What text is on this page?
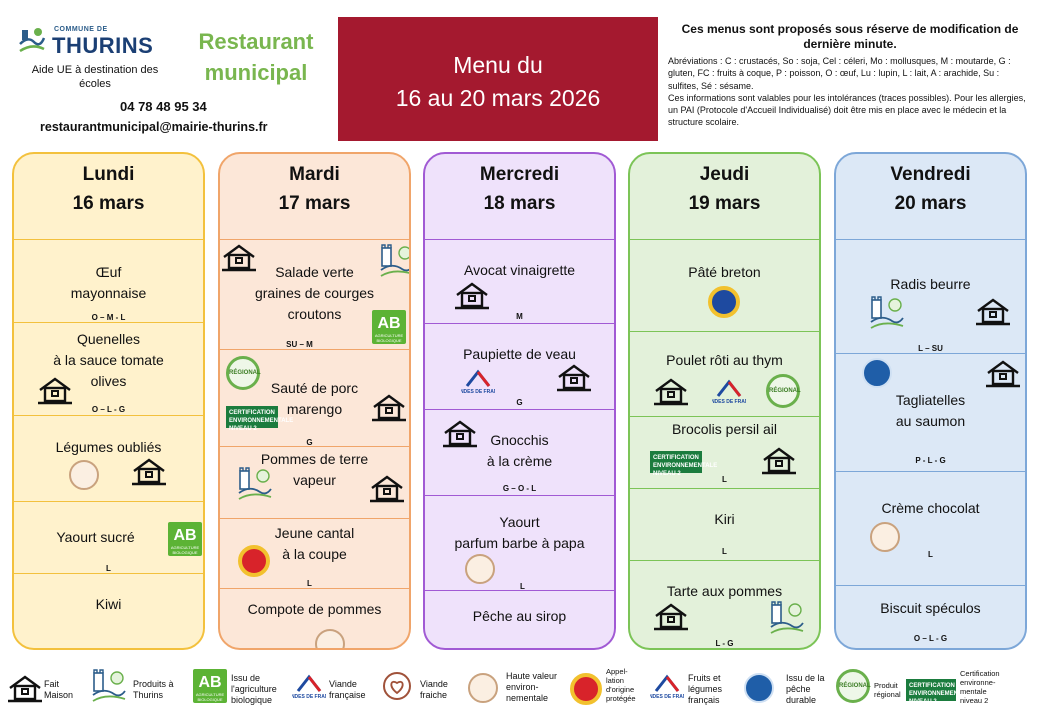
COMMUNE DE
THURINS
Aide UE à destination des écoles
04 78 48 95 34
restaurantmunicipal@mairie-thurins.fr
Restaurant municipal	Menu du
16 au 20 mars 2026
Ces menus sont proposés sous réserve de modification de dernière minute.
Abréviations : C : crustacés, So : soja, Cel : céleri, Mo : mollusques, M : moutarde, G : gluten, FC : fruits à coque, P : poisson, O : œuf, Lu : lupin, L : lait, A : arachide, Su : sulfites, Sé : sésame.
Ces informations sont valables pour les intolérances (traces possibles). Pour les allergies, un PAI (Protocole d'Accueil Individualisé) doit être mis en place avec le médecin et la structure scolaire.
Lundi
16 mars
Œuf
mayonnaise
O – M - L
Quenelles
à la sauce tomate
olives
O – L - G
Légumes oubliés
Yaourt sucré	AB
AGRICULTURE BIOLOGIQUE
L
Kiwi
Mardi
17 mars
Salade verte
graines de courges
croutons
AB
AGRICULTURE BIOLOGIQUE
SU – M
RÉGIONAL
Sauté de porc
marengo
CERTIFICATION ENVIRONNEMENTALE NIVEAU 2
G
Pommes de terre
vapeur
Jeune cantal
à la coupe
L
Compote de pommes
Mercredi
18 mars
Avocat vinaigrette
M
Paupiette de veau
G
Gnocchis
à la crème
G – O - L
Yaourt
parfum barbe à papa
L
Pêche au sirop
Jeudi
19 mars
Pâté breton
Poulet rôti au thym
RÉGIONAL
Brocolis persil ail
CERTIFICATION ENVIRONNEMENTALE NIVEAU 2
L
Kiri
L
Tarte aux pommes
L - G
Vendredi
20 mars
Radis beurre
L – SU
Tagliatelles
au saumon
P - L - G
Crème chocolat
L
Biscuit spéculos
O – L - G
Fait
Maison
Produits à
Thurins
AB
AGRICULTURE BIOLOGIQUE
Issu de
l'agriculture
biologique
Viande
française
Viande
fraiche
Haute valeur
environ-
nementale
Appel-
lation
d'origine
protégée
Fruits et
légumes
français
Issu de la
pêche
durable
RÉGIONAL Produit
régional
CERTIFICATION ENVIRONNEMENTALE NIVEAU 2
Certification
environne-
mentale
niveau 2
